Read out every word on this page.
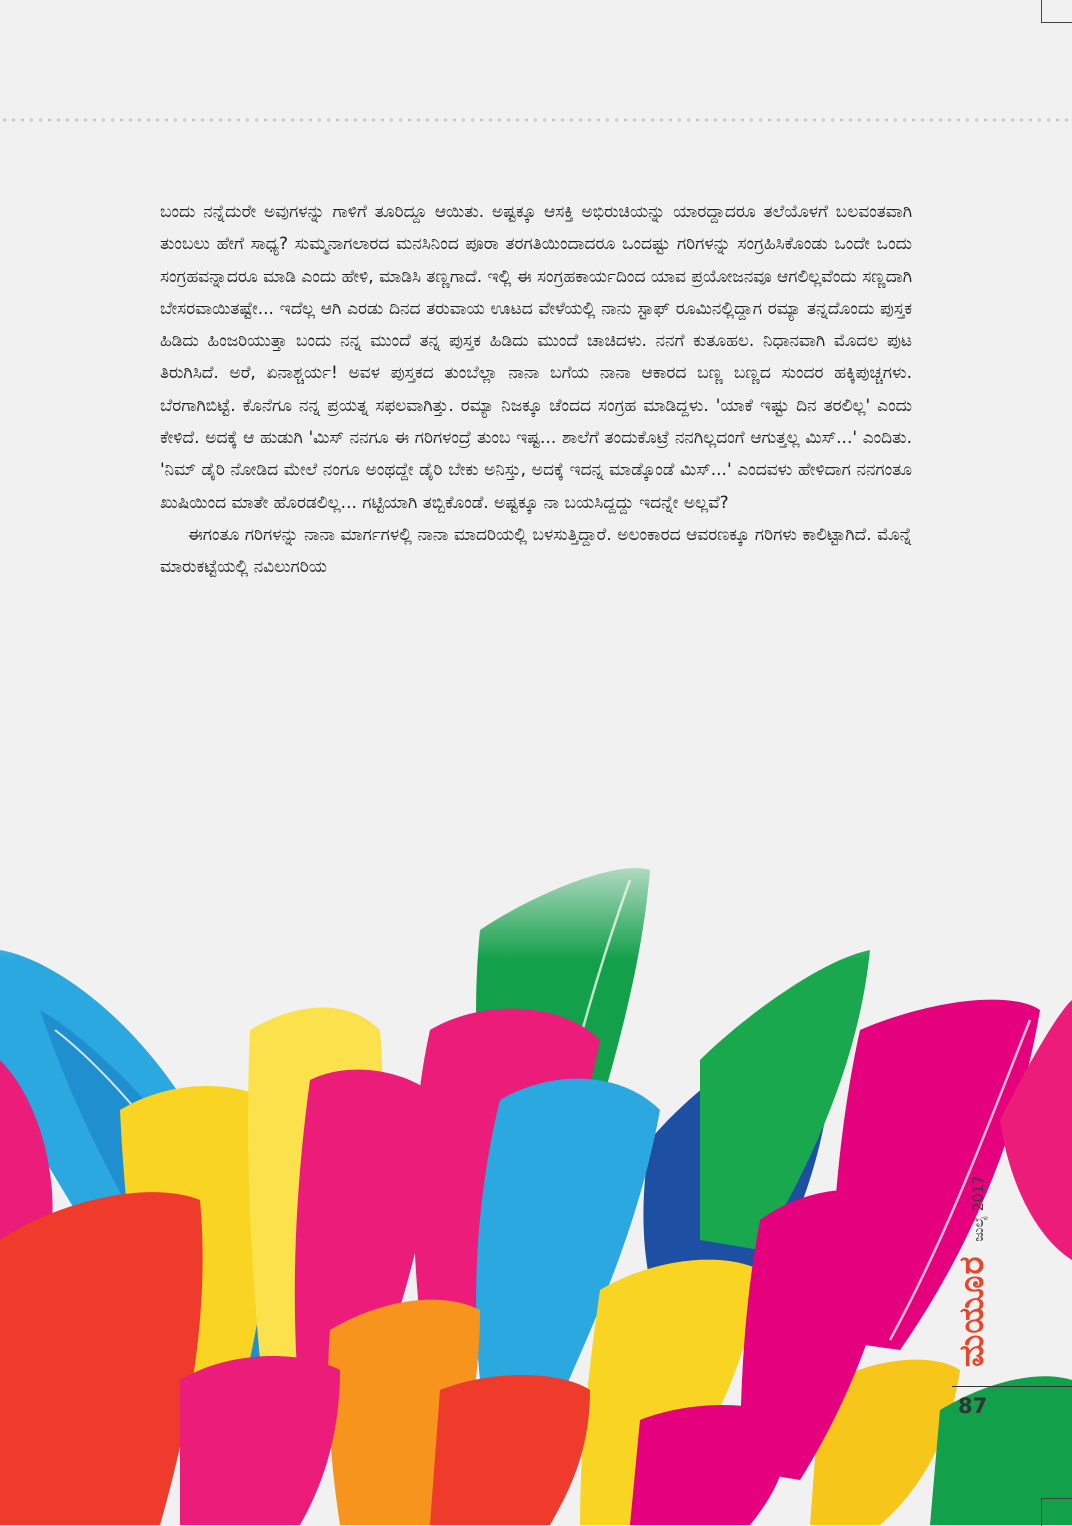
ಬಂದು ನನ್ನೆದುರೇ ಅವುಗಳನ್ನು ಗಾಳಿಗೆ ತೂರಿದ್ದೂ ಆಯಿತು. ಅಷ್ಟಕ್ಕೂ ಆಸಕ್ತಿ ಅಭಿರುಚಿಯನ್ನು ಯಾರದ್ದಾದರೂ ತಲೆಯೊಳಗೆ ಬಲವಂತವಾಗಿ ತುಂಬಲು ಹೇಗೆ ಸಾಧ್ಯ? ಸುಮ್ಮನಾಗಲಾರದ ಮನಸಿನಿಂದ ಪೂರಾ ತರಗತಿಯಿಂದಾದರೂ ಒಂದಷ್ಟು ಗರಿಗಳನ್ನು ಸಂಗ್ರಹಿಸಿಕೊಂಡು ಒಂದೇ ಒಂದು ಸಂಗ್ರಹವನ್ನಾದರೂ ಮಾಡಿ ಎಂದು ಹೇಳಿ, ಮಾಡಿಸಿ ತಣ್ಣಗಾದೆ. ಇಲ್ಲಿ ಈ ಸಂಗ್ರಹಕಾರ್ಯದಿಂದ ಯಾವ ಪ್ರಯೋಜನವೂ ಆಗಲಿಲ್ಲವೆಂದು ಸಣ್ಣದಾಗಿ ಬೇಸರವಾಯಿತಷ್ಟೇ... ಇದೆಲ್ಲ ಆಗಿ ಎರಡು ದಿನದ ತರುವಾಯ ಊಟದ ವೇಳೆಯಲ್ಲಿ ನಾನು ಸ್ಟಾಫ್ ರೂಮಿನಲ್ಲಿದ್ದಾಗ ರಮ್ಯಾ ತನ್ನದೊಂದು ಪುಸ್ತಕ ಹಿಡಿದು ಹಿಂಜರಿಯುತ್ತಾ ಬಂದು ನನ್ನ ಮುಂದೆ ತನ್ನ ಪುಸ್ತಕ ಹಿಡಿದು ಮುಂದೆ ಚಾಚಿದಳು. ನನಗೆ ಕುತೂಹಲ. ನಿಧಾನವಾಗಿ ಮೊದಲ ಪುಟ ತಿರುಗಿಸಿದೆ. ಅರೆ, ಏನಾಶ್ಚರ್ಯ! ಅವಳ ಪುಸ್ತಕದ ತುಂಬೆಲ್ಲಾ ನಾನಾ ಬಗೆಯ ನಾನಾ ಆಕಾರದ ಬಣ್ಣ ಬಣ್ಣದ ಸುಂದರ ಹಕ್ಕಿಪುಚ್ಚಗಳು. ಬೆರಗಾಗಿಬಿಟ್ಟೆ. ಕೊನೆಗೂ ನನ್ನ ಪ್ರಯತ್ನ ಸಫಲವಾಗಿತ್ತು. ರಮ್ಯಾ ನಿಜಕ್ಕೂ ಚೆಂದದ ಸಂಗ್ರಹ ಮಾಡಿದ್ದಳು. 'ಯಾಕೆ ಇಷ್ಟು ದಿನ ತರಲಿಲ್ಲ' ಎಂದು ಕೇಳಿದೆ. ಅದಕ್ಕೆ ಆ ಹುಡುಗಿ 'ಮಿಸ್ ನನಗೂ ಈ ಗರಿಗಳಂದ್ರೆ ತುಂಬ ಇಷ್ಟ... ಶಾಲೆಗೆ ತಂದುಕೊಟ್ರೆ ನನಗಿಲ್ಲದಂಗೆ ಆಗುತ್ತಲ್ಲ ಮಿಸ್...' ಎಂದಿತು. 'ನಿಮ್ ಡೈರಿ ನೋಡಿದ ಮೇಲೆ ನಂಗೂ ಅಂಥದ್ದೇ ಡೈರಿ ಬೇಕು ಅನಿಸ್ತು, ಅದಕ್ಕೆ ಇದನ್ನ ಮಾಡ್ಕೊಂಡೆ ಮಿಸ್...' ಎಂದವಳು ಹೇಳಿದಾಗ ನನಗಂತೂ ಖುಷಿಯಿಂದ ಮಾತೇ ಹೊರಡಲಿಲ್ಲ... ಗಟ್ಟಿಯಾಗಿ ತಬ್ಬಿಕೊಂಡೆ. ಅಷ್ಟಕ್ಕೂ ನಾ ಬಯಸಿದ್ದದ್ದು ಇದನ್ನೇ ಅಲ್ಲವೆ?

ಈಗಂತೂ ಗರಿಗಳನ್ನು ನಾನಾ ಮಾರ್ಗಗಳಲ್ಲಿ ನಾನಾ ಮಾದರಿಯಲ್ಲಿ ಬಳಸುತ್ತಿದ್ದಾರೆ. ಅಲಂಕಾರದ ಆವರಣಕ್ಕೂ ಗರಿಗಳು ಕಾಲಿಟ್ಟಾಗಿದೆ. ಮೊನ್ನೆ ಮಾರುಕಟ್ಟೆಯಲ್ಲಿ ನವಿಲುಗರಿಯ

ಮಯೂರಜುಲೈ 2017
87
